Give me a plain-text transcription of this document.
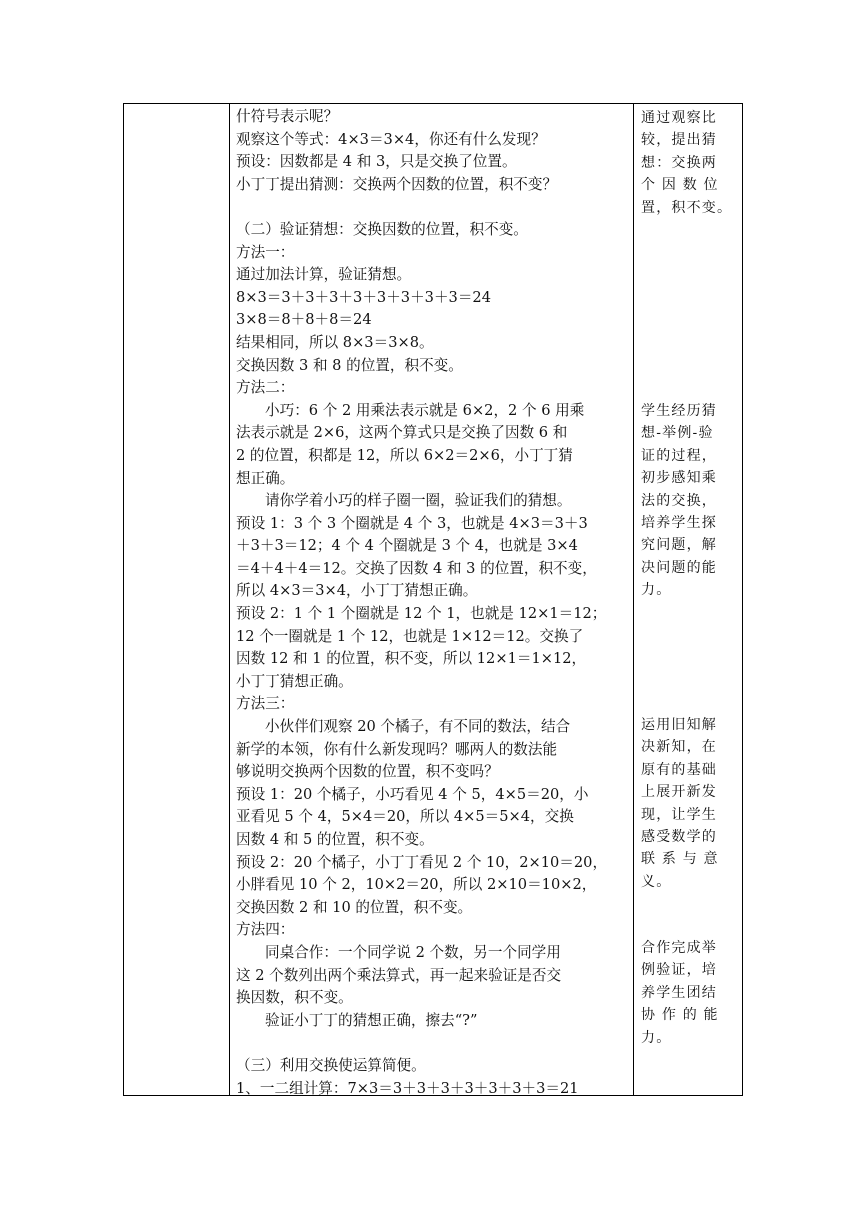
什符号表示呢？

观察这个等式：4×3＝3×4，你还有什么发现？

预设：因数都是 4 和 3，只是交换了位置。

小丁丁提出猜测：交换两个因数的位置，积不变？

（二）验证猜想：交换因数的位置，积不变。

方法一：

通过加法计算，验证猜想。

8×3＝3＋3＋3＋3＋3＋3＋3＋3＝24

3×8＝8＋8＋8＝24

结果相同，所以 8×3＝3×8。

交换因数 3 和 8 的位置，积不变。

方法二：

小巧：6 个 2 用乘法表示就是 6×2，2 个 6 用乘

法表示就是 2×6，这两个算式只是交换了因数 6 和

2 的位置，积都是 12，所以 6×2＝2×6，小丁丁猜

想正确。

请你学着小巧的样子圈一圈，验证我们的猜想。

预设 1：3 个 3 个圈就是 4 个 3，也就是 4×3＝3＋3

＋3＋3＝12；4 个 4 个圈就是 3 个 4，也就是 3×4

＝4＋4＋4＝12。交换了因数 4 和 3 的位置，积不变，

所以 4×3＝3×4，小丁丁猜想正确。

预设 2：1 个 1 个圈就是 12 个 1，也就是 12×1＝12；

12 个一圈就是 1 个 12，也就是 1×12＝12。交换了

因数 12 和 1 的位置，积不变，所以 12×1＝1×12，

小丁丁猜想正确。

方法三：

小伙伴们观察 20 个橘子，有不同的数法，结合

新学的本领，你有什么新发现吗？哪两人的数法能

够说明交换两个因数的位置，积不变吗？

预设 1：20 个橘子，小巧看见 4 个 5，4×5＝20，小

亚看见 5 个 4，5×4＝20，所以 4×5＝5×4，交换

因数 4 和 5 的位置，积不变。

预设 2：20 个橘子，小丁丁看见 2 个 10，2×10＝20，

小胖看见 10 个 2，10×2＝20，所以 2×10＝10×2，

交换因数 2 和 10 的位置，积不变。

方法四：

同桌合作：一个同学说 2 个数，另一个同学用

这 2 个数列出两个乘法算式，再一起来验证是否交

换因数，积不变。

验证小丁丁的猜想正确，擦去“?”

（三）利用交换使运算简便。

1、一二组计算：7×3＝3＋3＋3＋3＋3＋3＋3＝21

通过观察比

较，提出猜

想：交换两

个 因 数 位

置，积不变。

学生经历猜

想-举例-验

证的过程，

初步感知乘

法的交换，

培养学生探

究问题，解

决问题的能

力。

运用旧知解

决新知，在

原有的基础

上展开新发

现，让学生

感受数学的

联 系 与 意

义。

合作完成举

例验证，培

养学生团结

协 作 的 能

力。
